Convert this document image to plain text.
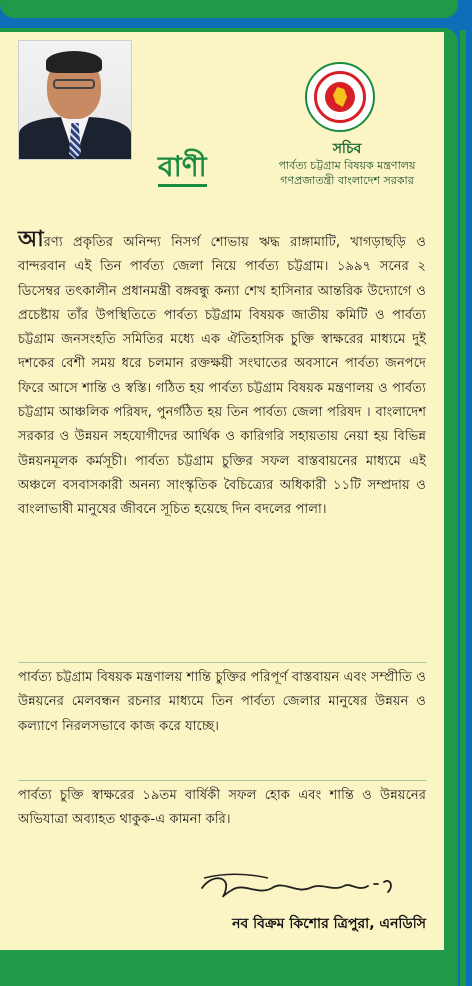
বাণী
সচিব
পার্বত্য চট্টগ্রাম বিষয়ক মন্ত্রণালয়
গণপ্রজাতন্ত্রী বাংলাদেশ সরকার
আরণ্য প্রকৃতির অনিন্দ্য নিসর্গ শোভায় ঋদ্ধ রাঙ্গামাটি, খাগড়াছড়ি ও বান্দরবান এই তিন পার্বত্য জেলা নিয়ে পার্বত্য চট্টগ্রাম। ১৯৯৭ সনের ২ ডিসেম্বর তৎকালীন প্রধানমন্ত্রী বঙ্গবন্ধু কন্যা শেখ হাসিনার আন্তরিক উদ্যোগে ও প্রচেষ্টায় তাঁর উপস্থিতিতে পার্বত্য চট্টগ্রাম বিষয়ক জাতীয় কমিটি ও পার্বত্য চট্টগ্রাম জনসংহতি সমিতির মধ্যে এক ঐতিহাসিক চুক্তি স্বাক্ষরের মাধ্যমে দুই দশকের বেশী সময় ধরে চলমান রক্তক্ষয়ী সংঘাতের অবসানে পার্বত্য জনপদে ফিরে আসে শান্তি ও স্বস্তি। গঠিত হয় পার্বত্য চট্টগ্রাম বিষয়ক মন্ত্রণালয় ও পার্বত্য চট্টগ্রাম আঞ্চলিক পরিষদ, পুনর্গঠিত হয় তিন পার্বত্য জেলা পরিষদ । বাংলাদেশ সরকার ও উন্নয়ন সহযোগীদের আর্থিক ও কারিগরি সহায়তায় নেয়া হয় বিভিন্ন উন্নয়নমূলক কর্মসূচী। পার্বত্য চট্টগ্রাম চুক্তির সফল বাস্তবায়নের মাধ্যমে এই অঞ্চলে বসবাসকারী অনন্য সাংস্কৃতিক বৈচিত্র্যের অধিকারী ১১টি সম্প্রদায় ও বাংলাভাষী মানুষের জীবনে সূচিত হয়েছে দিন বদলের পালা।
পার্বত্য চট্টগ্রাম বিষয়ক মন্ত্রণালয় শান্তি চুক্তির পরিপূর্ণ বাস্তবায়ন এবং সম্প্রীতি ও উন্নয়নের মেলবন্ধন রচনার মাধ্যমে তিন পার্বত্য জেলার মানুষের উন্নয়ন ও কল্যাণে নিরলসভাবে কাজ করে যাচ্ছে।
পার্বত্য চুক্তি স্বাক্ষরের ১৯তম বার্ষিকী সফল হোক এবং শান্তি ও উন্নয়নের অভিযাত্রা অব্যাহত থাকুক-এ কামনা করি।
নব বিক্রম কিশোর ত্রিপুরা, এনডিসি
